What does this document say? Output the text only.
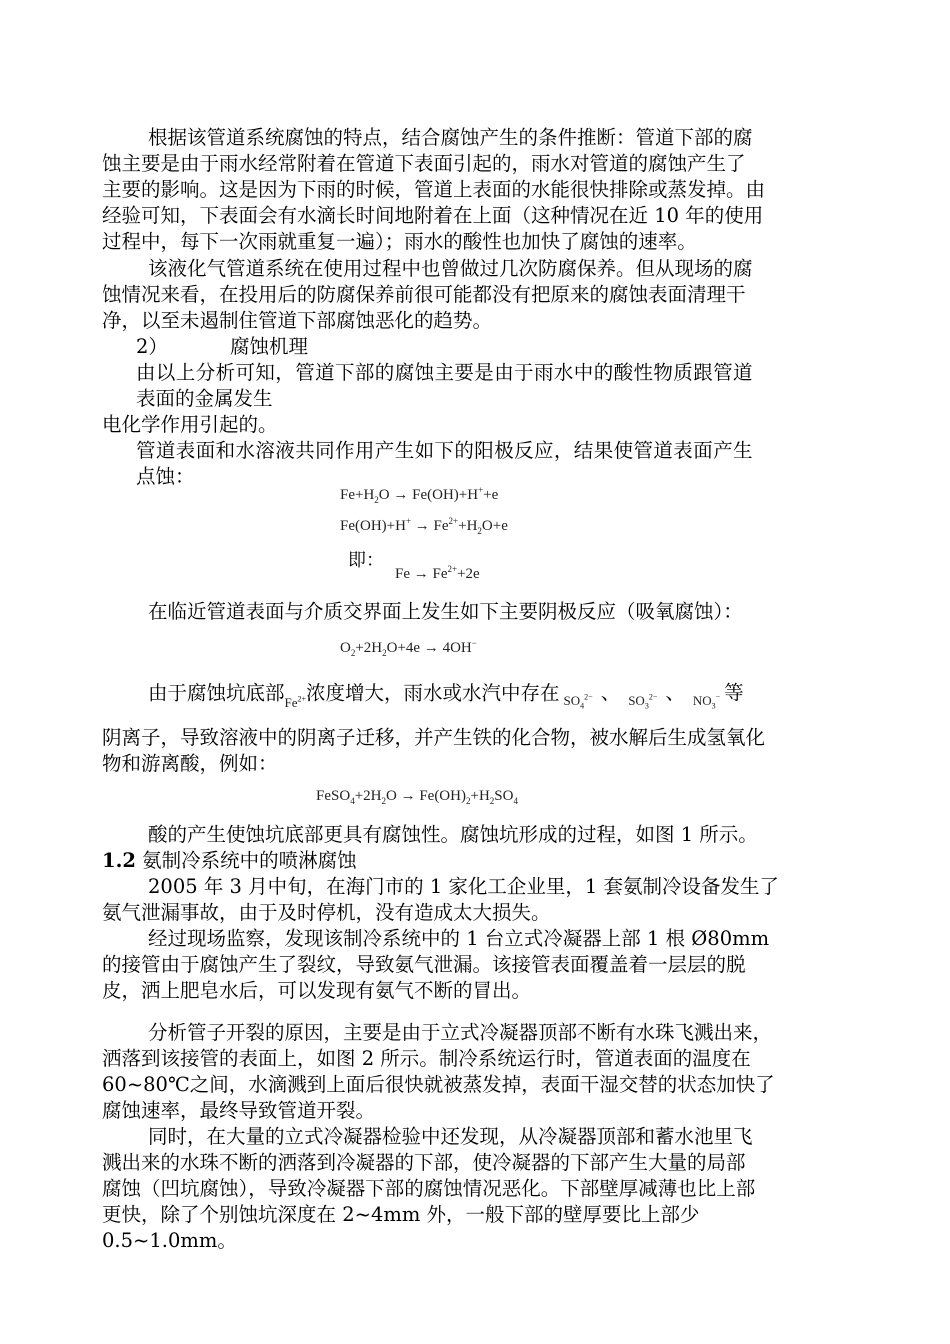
根据该管道系统腐蚀的特点，结合腐蚀产生的条件推断：管道下部的腐
蚀主要是由于雨水经常附着在管道下表面引起的，雨水对管道的腐蚀产生了
主要的影响。这是因为下雨的时候，管道上表面的水能很快排除或蒸发掉。由
经验可知，下表面会有水滴长时间地附着在上面（这种情况在近 10 年的使用
过程中，每下一次雨就重复一遍）；雨水的酸性也加快了腐蚀的速率。
该液化气管道系统在使用过程中也曾做过几次防腐保养。但从现场的腐
蚀情况来看，在投用后的防腐保养前很可能都没有把原来的腐蚀表面清理干
净，以至未遏制住管道下部腐蚀恶化的趋势。
2）	腐蚀机理
由以上分析可知，管道下部的腐蚀主要是由于雨水中的酸性物质跟管道
表面的金属发生
电化学作用引起的。
管道表面和水溶液共同作用产生如下的阳极反应，结果使管道表面产生
点蚀：
$Fe+H_2O \to Fe(OH)+H^++e$
$Fe(OH)+H^+ \to Fe^{2+}+H_2O+e$
即：
$Fe \to Fe^{2+}+2e$
在临近管道表面与介质交界面上发生如下主要阴极反应（吸氧腐蚀）：
$O_2+2H_2O+4e \to 4OH^-$
由于腐蚀坑底部$_{Fe^{2+}}$浓度增大，雨水或水汽中存在 $_{SO_4^{2-}}$ 、 $_{SO_3^{2-}}$ 、 $_{NO_3^-}$ 等
阴离子，导致溶液中的阴离子迁移，并产生铁的化合物，被水解后生成氢氧化
物和游离酸，例如：
$FeSO_4+2H_2O \to Fe(OH)_2+H_2SO_4$
酸的产生使蚀坑底部更具有腐蚀性。腐蚀坑形成的过程，如图 1 所示。
1.2 氨制冷系统中的喷淋腐蚀
2005 年 3 月中旬，在海门市的 1 家化工企业里，1 套氨制冷设备发生了
氨气泄漏事故，由于及时停机，没有造成太大损失。
经过现场监察，发现该制冷系统中的 1 台立式冷凝器上部 1 根 Ø80mm
的接管由于腐蚀产生了裂纹，导致氨气泄漏。该接管表面覆盖着一层层的脱
皮，洒上肥皂水后，可以发现有氨气不断的冒出。
分析管子开裂的原因，主要是由于立式冷凝器顶部不断有水珠飞溅出来，
洒落到该接管的表面上，如图 2 所示。制冷系统运行时，管道表面的温度在
60~80℃之间，水滴溅到上面后很快就被蒸发掉，表面干湿交替的状态加快了
腐蚀速率，最终导致管道开裂。
同时，在大量的立式冷凝器检验中还发现，从冷凝器顶部和蓄水池里飞
溅出来的水珠不断的洒落到冷凝器的下部，使冷凝器的下部产生大量的局部
腐蚀（凹坑腐蚀），导致冷凝器下部的腐蚀情况恶化。下部壁厚减薄也比上部
更快，除了个别蚀坑深度在 2~4mm 外，一般下部的壁厚要比上部少
0.5~1.0mm。
